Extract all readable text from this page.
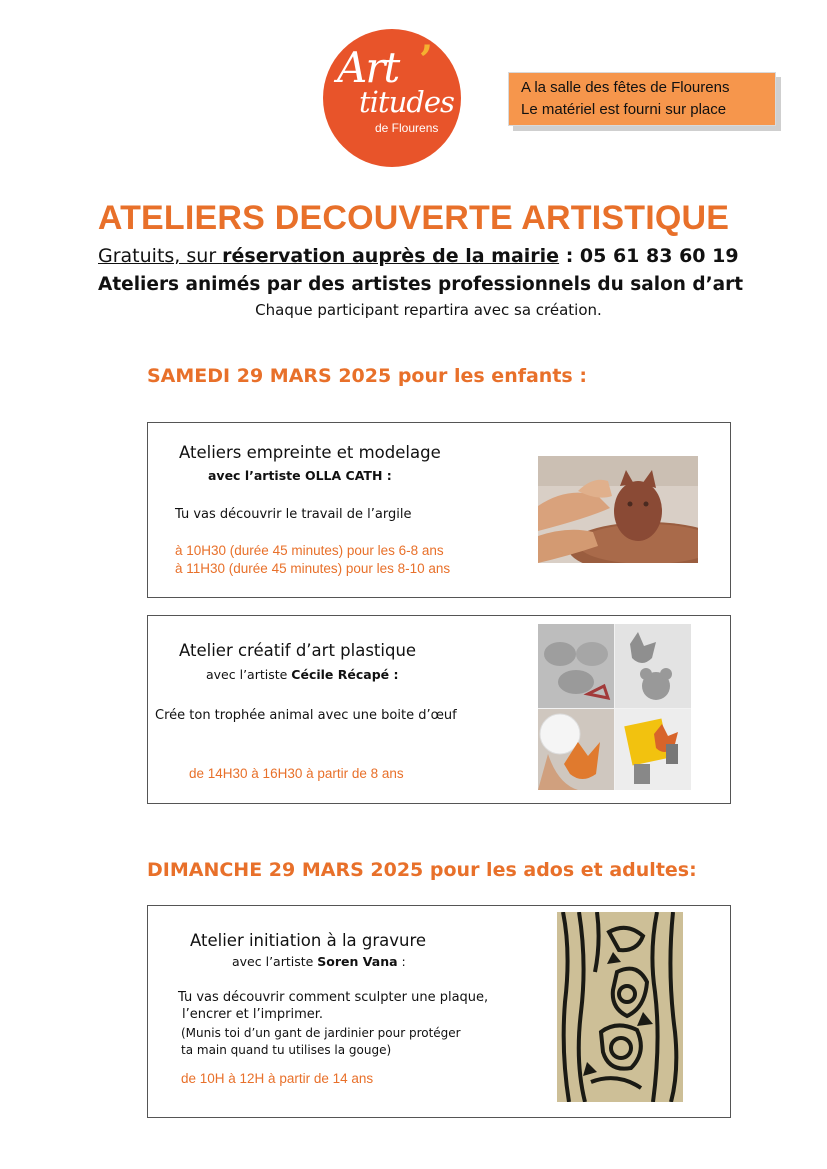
Art ’
titudes
de Flourens
A la salle des fêtes de Flourens
Le matériel est fourni sur place
ATELIERS DECOUVERTE ARTISTIQUE
Gratuits, sur réservation auprès de la mairie : 05 61 83 60 19
Ateliers animés par des artistes professionnels du salon d’art
Chaque participant repartira avec sa création.
SAMEDI 29 MARS 2025 pour les enfants :
Ateliers empreinte et modelage
avec l’artiste OLLA CATH :
Tu vas découvrir le travail de l’argile
à 10H30 (durée 45 minutes) pour les 6-8 ans
à 11H30 (durée 45 minutes) pour les 8-10 ans
Atelier créatif d’art plastique
avec l’artiste Cécile Récapé :
Crée ton trophée animal avec une boite d’œuf
de 14H30 à 16H30 à partir de 8 ans
DIMANCHE 29 MARS 2025 pour les ados et adultes:
Atelier initiation à la gravure
avec l’artiste Soren Vana :
Tu vas découvrir comment sculpter une plaque,
l’encrer et l’imprimer.
(Munis toi d’un gant de jardinier pour protéger
ta main quand tu utilises la gouge)
de 10H à 12H à partir de 14 ans
